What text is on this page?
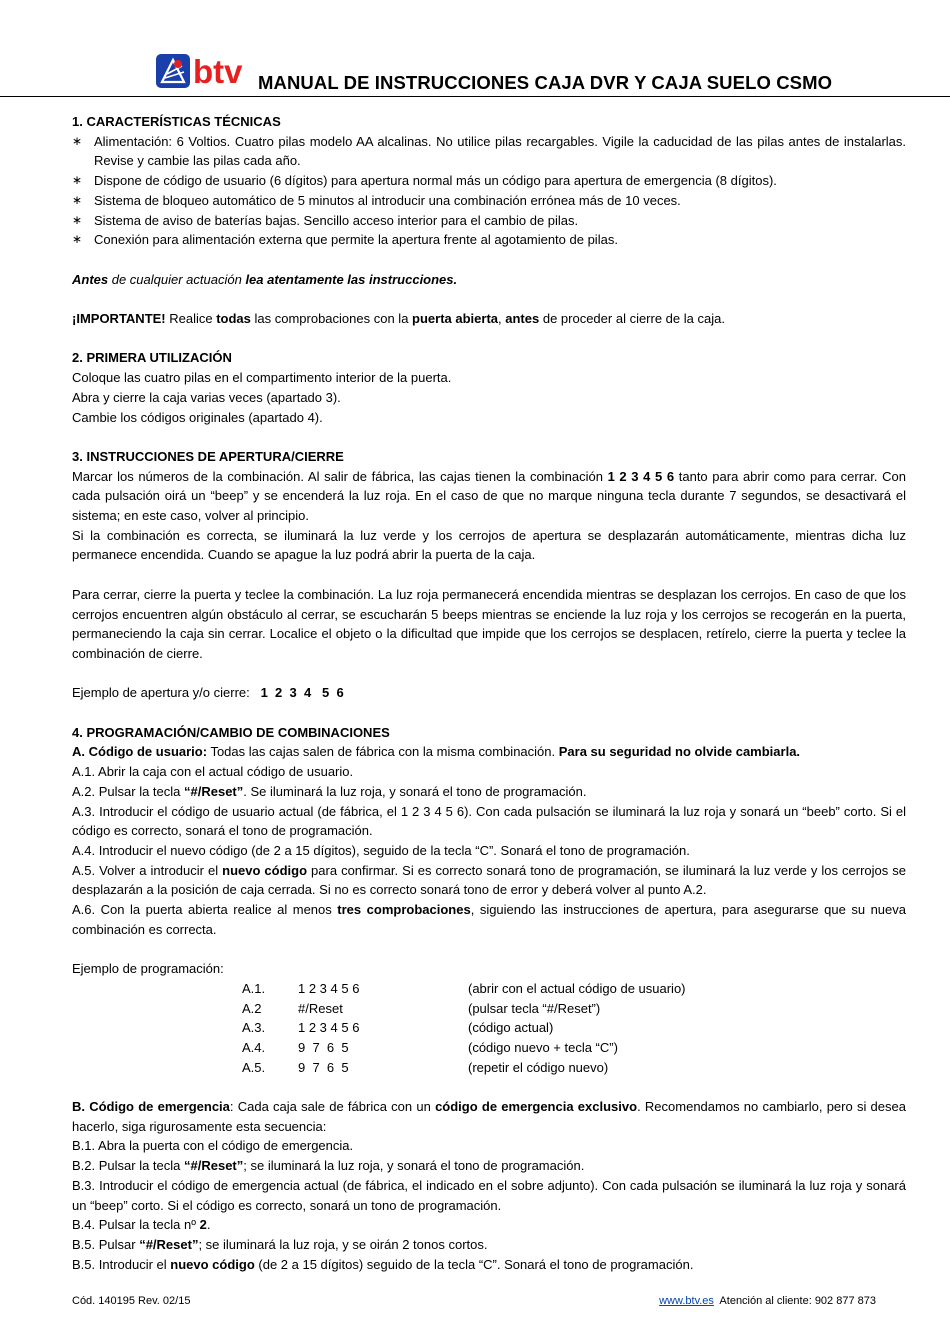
btv MANUAL DE INSTRUCCIONES CAJA DVR Y CAJA SUELO CSMO

1. CARACTERÍSTICAS TÉCNICAS

∗ Alimentación: 6 Voltios. Cuatro pilas modelo AA alcalinas. No utilice pilas recargables. Vigile la caducidad de las pilas antes de instalarlas. Revise y cambie las pilas cada año.
∗ Dispone de código de usuario (6 dígitos) para apertura normal más un código para apertura de emergencia (8 dígitos).
∗ Sistema de bloqueo automático de 5 minutos al introducir una combinación errónea más de 10 veces.
∗ Sistema de aviso de baterías bajas. Sencillo acceso interior para el cambio de pilas.
∗ Conexión para alimentación externa que permite la apertura frente al agotamiento de pilas.

Antes de cualquier actuación lea atentamente las instrucciones.

¡IMPORTANTE! Realice todas las comprobaciones con la puerta abierta, antes de proceder al cierre de la caja.

2. PRIMERA UTILIZACIÓN

Coloque las cuatro pilas en el compartimento interior de la puerta.

Abra y cierre la caja varias veces (apartado 3).

Cambie los códigos originales (apartado 4).

3. INSTRUCCIONES DE APERTURA/CIERRE

Marcar los números de la combinación. Al salir de fábrica, las cajas tienen la combinación 1 2 3 4 5 6 tanto para abrir como para cerrar. Con cada pulsación oirá un “beep” y se encenderá la luz roja. En el caso de que no marque ninguna tecla durante 7 segundos, se desactivará el sistema; en este caso, volver al principio.

Si la combinación es correcta, se iluminará la luz verde y los cerrojos de apertura se desplazarán automáticamente, mientras dicha luz permanece encendida. Cuando se apague la luz podrá abrir la puerta de la caja.

Para cerrar, cierre la puerta y teclee la combinación. La luz roja permanecerá encendida mientras se desplazan los cerrojos. En caso de que los cerrojos encuentren algún obstáculo al cerrar, se escucharán 5 beeps mientras se enciende la luz roja y los cerrojos se recogerán en la puerta, permaneciendo la caja sin cerrar. Localice el objeto o la dificultad que impide que los cerrojos se desplacen, retírelo, cierre la puerta y teclee la combinación de cierre.

Ejemplo de apertura y/o cierre:   1  2  3  4   5  6

4. PROGRAMACIÓN/CAMBIO DE COMBINACIONES

A. Código de usuario: Todas las cajas salen de fábrica con la misma combinación. Para su seguridad no olvide cambiarla.

A.1. Abrir la caja con el actual código de usuario.

A.2. Pulsar la tecla “#/Reset”. Se iluminará la luz roja, y sonará el tono de programación.

A.3. Introducir el código de usuario actual (de fábrica, el 1 2 3 4 5 6). Con cada pulsación se iluminará la luz roja y sonará un “beeb” corto. Si el código es correcto, sonará el tono de programación.

A.4. Introducir el nuevo código (de 2 a 15 dígitos), seguido de la tecla “C”. Sonará el tono de programación.

A.5. Volver a introducir el nuevo código para confirmar. Si es correcto sonará tono de programación, se iluminará la luz verde y los cerrojos se desplazarán a la posición de caja cerrada. Si no es correcto sonará tono de error y deberá volver al punto A.2.

A.6. Con la puerta abierta realice al menos tres comprobaciones, siguiendo las instrucciones de apertura, para asegurarse que su nueva combinación es correcta.

Ejemplo de programación:

A.1.	1 2 3 4 5 6	(abrir con el actual código de usuario)
A.2	#/Reset	(pulsar tecla “#/Reset”)
A.3.	1 2 3 4 5 6	(código actual)
A.4.	9  7  6  5	(código nuevo + tecla “C”)
A.5.	9  7  6  5	(repetir el código nuevo)

B. Código de emergencia: Cada caja sale de fábrica con un código de emergencia exclusivo. Recomendamos no cambiarlo, pero si desea hacerlo, siga rigurosamente esta secuencia:

B.1. Abra la puerta con el código de emergencia.

B.2. Pulsar la tecla “#/Reset”; se iluminará la luz roja, y sonará el tono de programación.

B.3. Introducir el código de emergencia actual (de fábrica, el indicado en el sobre adjunto). Con cada pulsación se iluminará la luz roja y sonará un “beep” corto. Si el código es correcto, sonará un tono de programación.

B.4. Pulsar la tecla nº 2.

B.5. Pulsar “#/Reset”; se iluminará la luz roja, y se oirán 2 tonos cortos.

B.5. Introducir el nuevo código (de 2 a 15 dígitos) seguido de la tecla “C”. Sonará el tono de programación.

Cód. 140195 Rev. 02/15	www.btv.es  Atención al cliente: 902 877 873
